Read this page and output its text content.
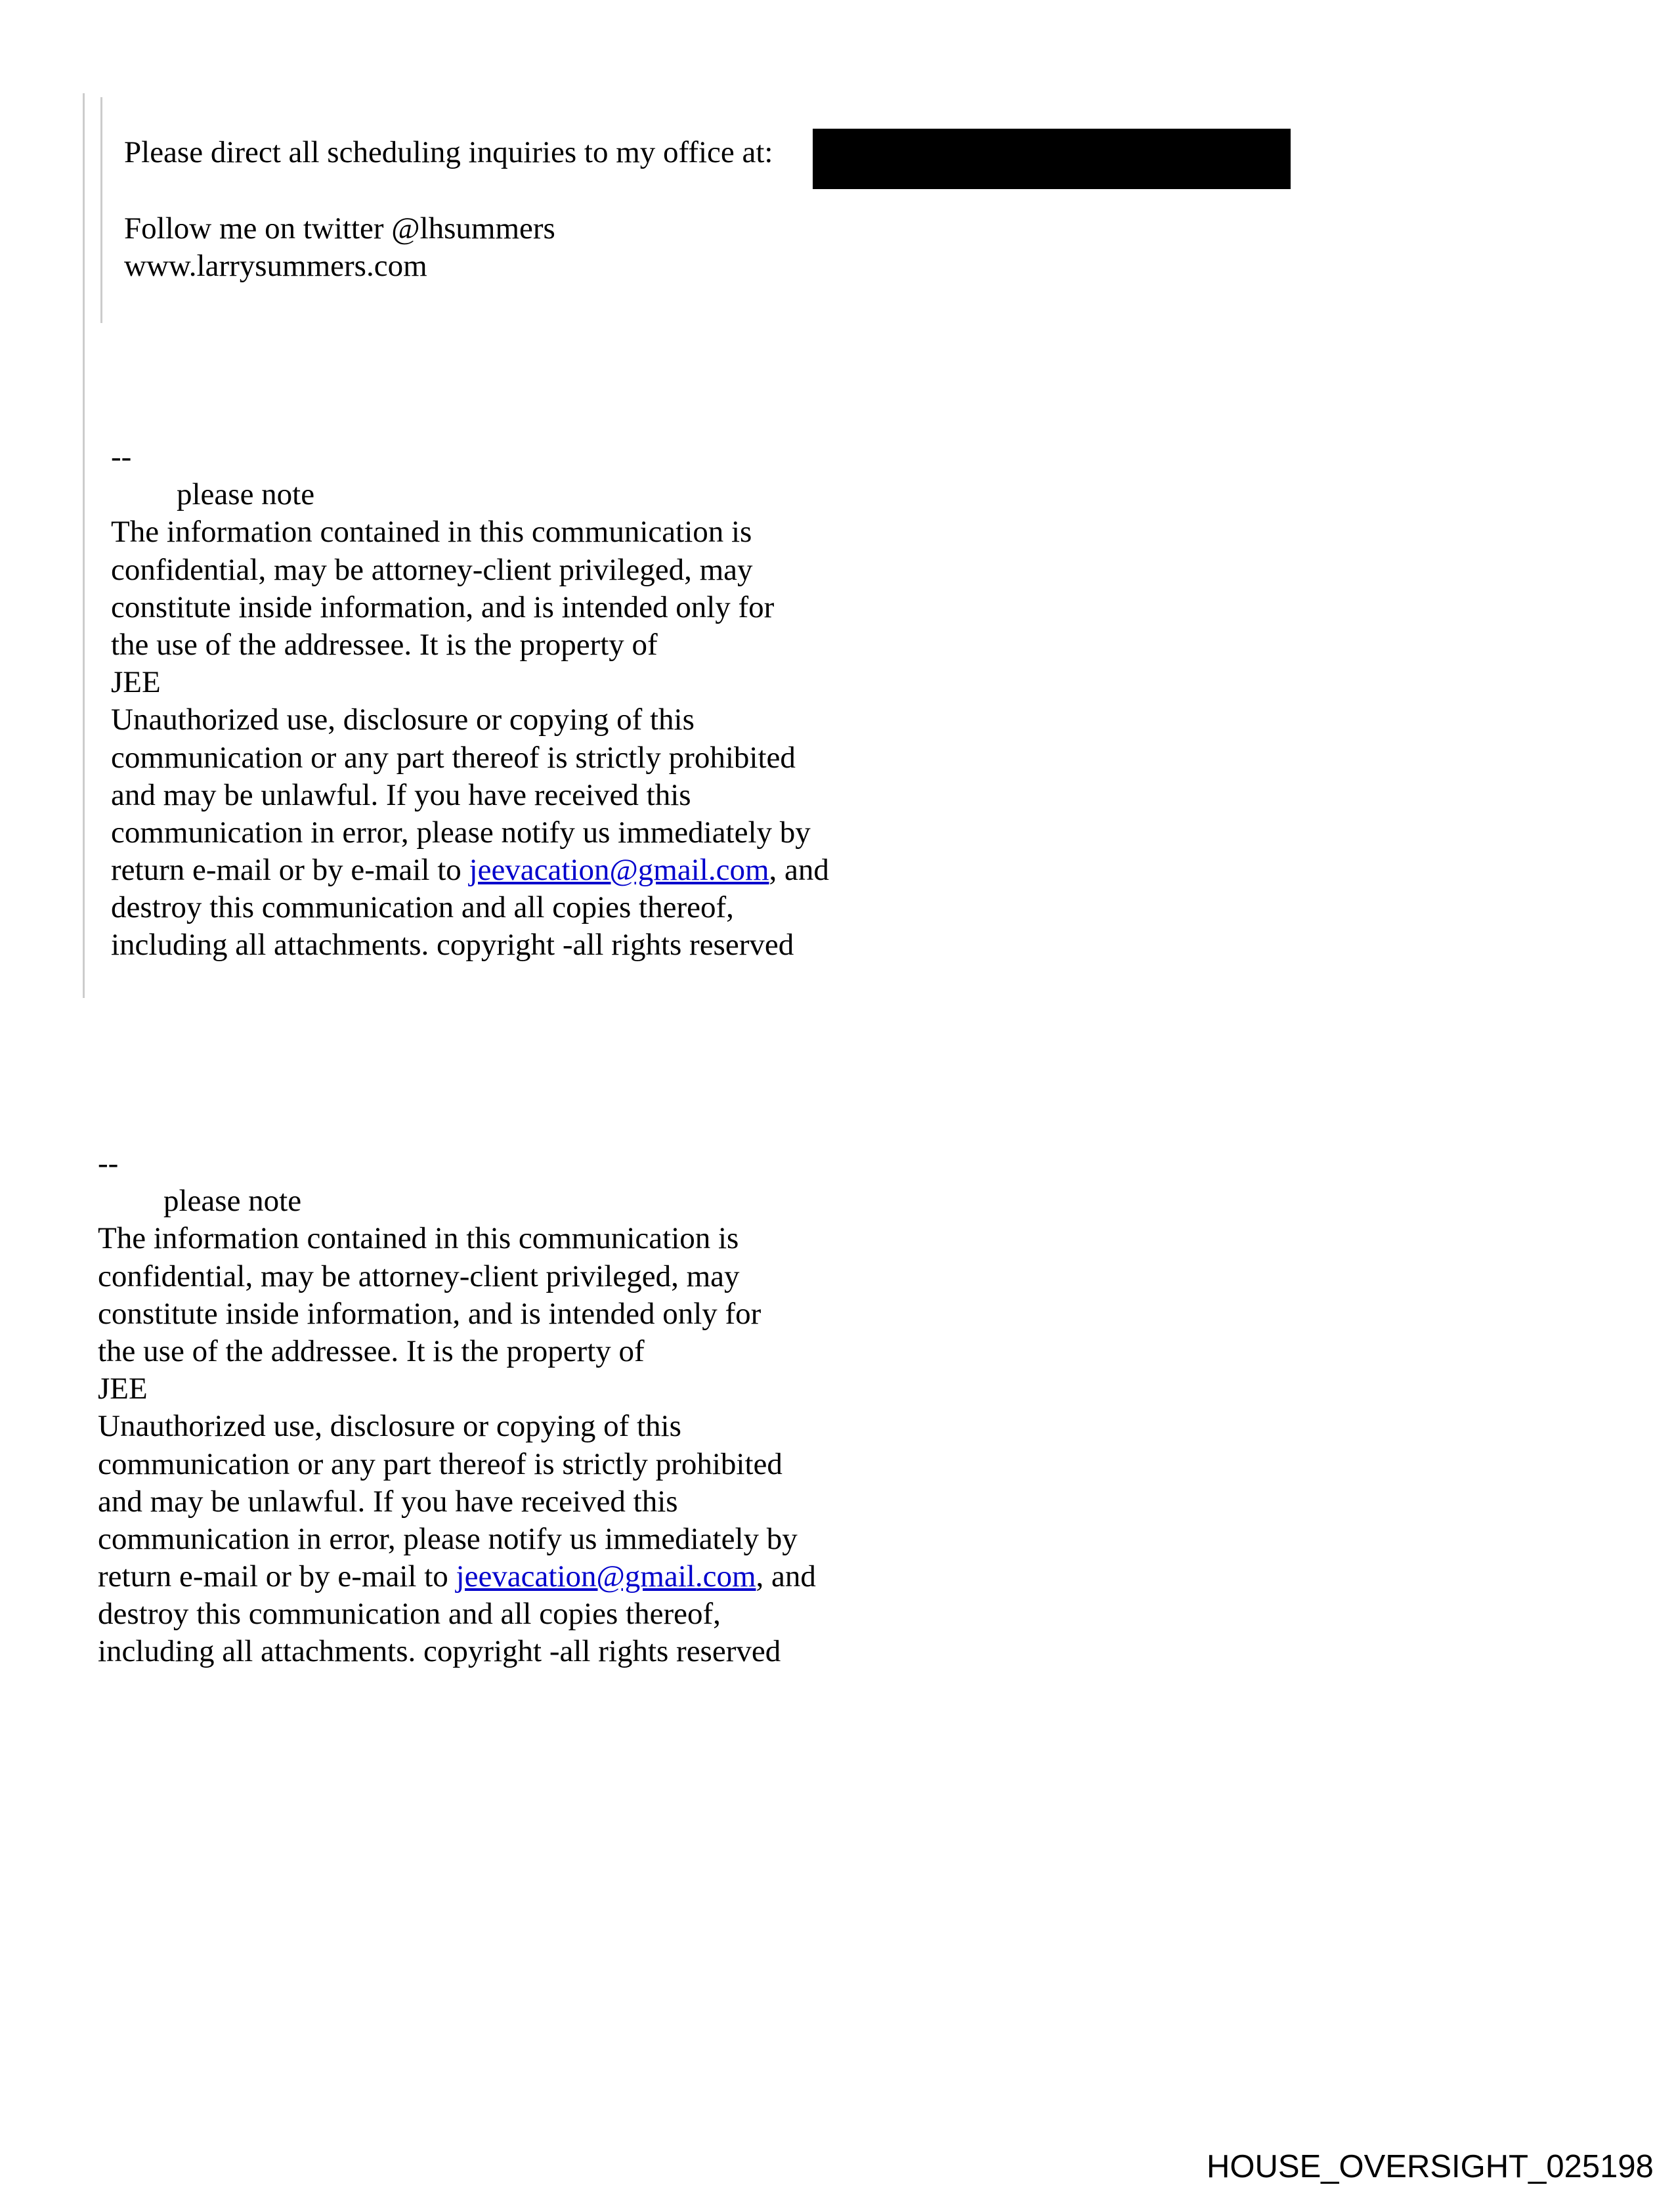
Please direct all scheduling inquiries to my office at:

Follow me on twitter @lhsummers

www.larrysummers.com

--

please note

The information contained in this communication is

confidential, may be attorney-client privileged, may

constitute inside information, and is intended only for

the use of the addressee. It is the property of

JEE

Unauthorized use, disclosure or copying of this

communication or any part thereof is strictly prohibited

and may be unlawful. If you have received this

communication in error, please notify us immediately by

return e-mail or by e-mail to jeevacation@gmail.com, and

destroy this communication and all copies thereof,

including all attachments. copyright -all rights reserved

--

please note

The information contained in this communication is

confidential, may be attorney-client privileged, may

constitute inside information, and is intended only for

the use of the addressee. It is the property of

JEE

Unauthorized use, disclosure or copying of this

communication or any part thereof is strictly prohibited

and may be unlawful. If you have received this

communication in error, please notify us immediately by

return e-mail or by e-mail to jeevacation@gmail.com, and

destroy this communication and all copies thereof,

including all attachments. copyright -all rights reserved

HOUSE_OVERSIGHT_025198
